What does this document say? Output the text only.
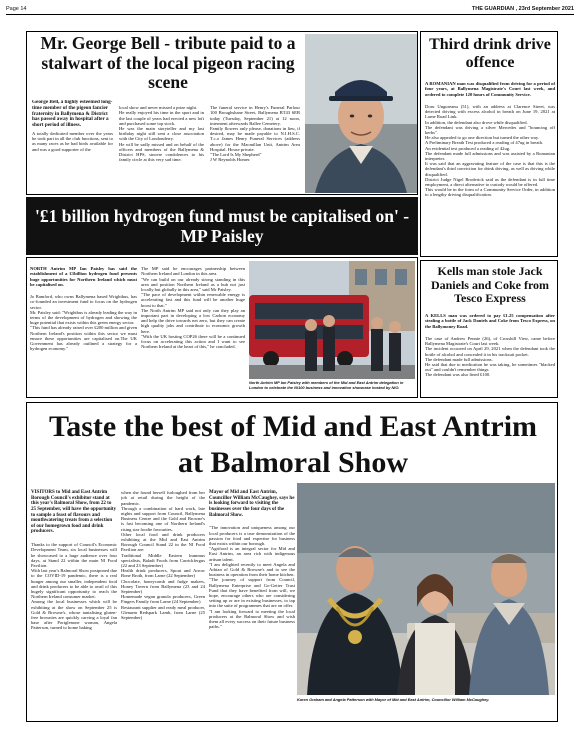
Page 14	THE GUARDIAN , 23rd September 2021
Mr. George Bell - tribute paid to a stalwart of the local pigeon racing scene

George Bell, a highly esteemed long-time member of the pigeon fancier fraternity in Ballymena & District has passed away in hospital after a short period of illness.

A totally dedicated member over the years he took part in all the club functions, sent to as many races as he had birds available for and was a good supporter of the

local show and never missed a prize night.
He really enjoyed his time in the sport and in the last couple of years had erected a new loft and purchased some top stock.
He was the main storyteller and my last birthday night still sent a close association with the City of Londonderry.
He will be sadly missed and on behalf of the officers and members of the Ballymena & District HPS, sincere condolences to his family circle at this very sad time.

The funeral service in Henry's Funeral Parlour 100 Broughshane Street, Ballymena BT43 6EB today (Tuesday, September 21) at 12 noon, interment afterwards Ballee Cemetery.
Family flowers only please, donations in lieu, if desired, may be made payable to N.I.H.S.C. T.c.o James Henry Funeral Services (address above) for the Macmillan Unit, Antrim Area Hospital. House private.
"The Lord Is My Shepherd"
J W Reynolds Homer.

Third drink drive offence

A ROMANIAN man was disqualified from driving for a period of four years, at Ballymena Magistrate's Court last week, and ordered to complete 120 hours of Community Service.

Doru Ungureanu (51), with an address at Clarence Street, was detected driving with excess alcohol in breath on June 19, 2021 at Larne Road Link.
In addition, the defendant also drove while disqualified.
The defendant was driving a silver Mercedes and "bouncing off kerbs".
He also appealed to go one direction but turned the other way.
A Preliminary Breath Test produced a reading of 47ug in breath.
An evidential test produced a reading of 42ug.
The defendant made full admissions and was assisted by a Romanian interpreter.
It was said that an aggravating feature of the case is that this is the defendant's third conviction for drink driving, as well as driving while disqualified.
District Judge Nigel Broderick said as the defendant is in full time employment, a direct alternative to custody would be offered.
This would be in the form of a Community Service Order, in addition to a lengthy driving disqualification.

'£1 billion hydrogen fund must be capitalised on' - MP Paisley

NORTH Antrim MP Ian Paisley has said the establishment of a £1billion hydrogen fund presents huge opportunities for Northern Ireland which must be capitalised on.

Jo Bamford, who owns Ballymena based Wrightbus, has co-founded an investment fund to focus on the hydrogen sector.
Mr. Paisley said: "Wrightbus is already leading the way in terms of the development of hydrogen and showing the huge potential that exists within this green energy sector.
"This fund has already raised over £200 million and given Northern Ireland's position within this sector we must ensure these opportunities are capitalised on.The UK Government has already outlined a strategy for a hydrogen economy."

The MP said he encourages partnership between Northern Ireland and London in this area.
"We can build on our already strong standing in this area and position Northern Ireland as a hub not just locally but globally in this area," said Mr Paisley.
"The pace of development within renewable energy is accelerating fast and this fund will be another huge boost to that."
The North Antrim MP said not only can they play an important part in developing a low Carbon economy and help the drive towards net zero, but they can create high quality jobs and contribute to economic growth here.
"With the UK hosting COP26 there will be a continued focus on accelerating this action and I want to see Northern Ireland at the heart of this," he concluded.

North Antrim MP Ian Paisley with members of the Mid and East Antrim delegation in London to celebrate the NI100 business and innovation showcase hosted by NIO.
Kells man stole Jack Daniels and Coke from Tesco Express

A KELLS man was ordered to pay £1.25 compensation after stealing a bottle of Jack Daniels and Coke from Tesco Express, on the Ballymoney Road.

The case of Andrew Pennie (26), of Crosshill View, came before Ballymena Magistrate's Court last week.
The incident occurred on April 29, 2021 when the defendant took the bottle of alcohol and concealed it in his tracksuit pocket.
The defendant made full admissions.
He said that due to medication he was taking, he sometimes "blacked out" and couldn't remember things.
The defendant was also fined £100.

Taste the best of Mid and East Antrim at Balmoral Show

VISITORS to Mid and East Antrim Borough Council's exhibitor stand at this year's Balmoral Show, from 22 to 25 September, will have the opportunity to sample a feast of flavours and mouthwatering treats from a selection of our homegrown food and drink producers.

Thanks to the support of Council's Economic Development Team, six local businesses will be showcased to a huge audience over four days, at Stand 22 within the main NI Food Pavilion.
With last year's Balmoral Show postponed due to the COVID-19 pandemic, there is a real hunger among our smaller, independent food and drink producers to be able to avail of this hugely significant opportunity to reach the Northern Ireland consumer market.
Among the local businesses which will be exhibiting at the show on September 25 is Gold & Browne's, whose tantalising gluten-free brownies are quickly carving a loyal fan base after Portglenone woman, Angela Patterson, turned to home baking

when she found herself furloughed from her job at retail during the height of the pandemic.
Through a combination of hard work, late nights and support from Council, Ballymena Business Centre and the Gold and Browne's is fast becoming one of Northern Ireland's rising star foodie favourites.
Other local food and drink producers exhibiting at the Mid and East Antrim Borough Council Stand 22 in the NI Food Pavilion are:
Traditional Middle Eastern hummus specialists, Baladi Foods from Carrickfergus (22 and 23 September)
Health drink producers, Spout and Arrow Bone Broth, from Larne (22 September)
Chocolate, honeycomb and fudge makers, Honey Tavern from Ballymena (23 and 24 September)
Homemade vegan granola producers, Green Fingers Family from Larne (24 September)
Restaurant supplier and ready meal producer, Glenarm Redspark Lamb, from Larne (25 September)

Mayor of Mid and East Antrim, Councillor William McCaughey, says he is looking forward to visiting the businesses over the four days of the Balmoral Show.

"The innovation and uniqueness among our local producers is a true demonstration of the passion for food and expertise for business that exists within our borough.
"Agrifood is an integral sector for Mid and East Antrim, an area rich with indigenous artisan talent.
"I am delighted recently to meet Angela and Adrian of Gold & Browne's and to see the business in operation from their home kitchen.
"The journey of support from Council, Ballymena Enterprise and Go-Getter Trust Fund that they have benefited from will, we hope, encourage others who are considering setting up or are in existing businesses, to tap into the suite of programmes that are on offer.
"I am looking forward to meeting the local producers at the Balmoral Show and wish them all every success on their future business paths."

Karen Graham and Angela Patterson with Mayor of Mid and East Antrim, Councillor William McCaughey.
